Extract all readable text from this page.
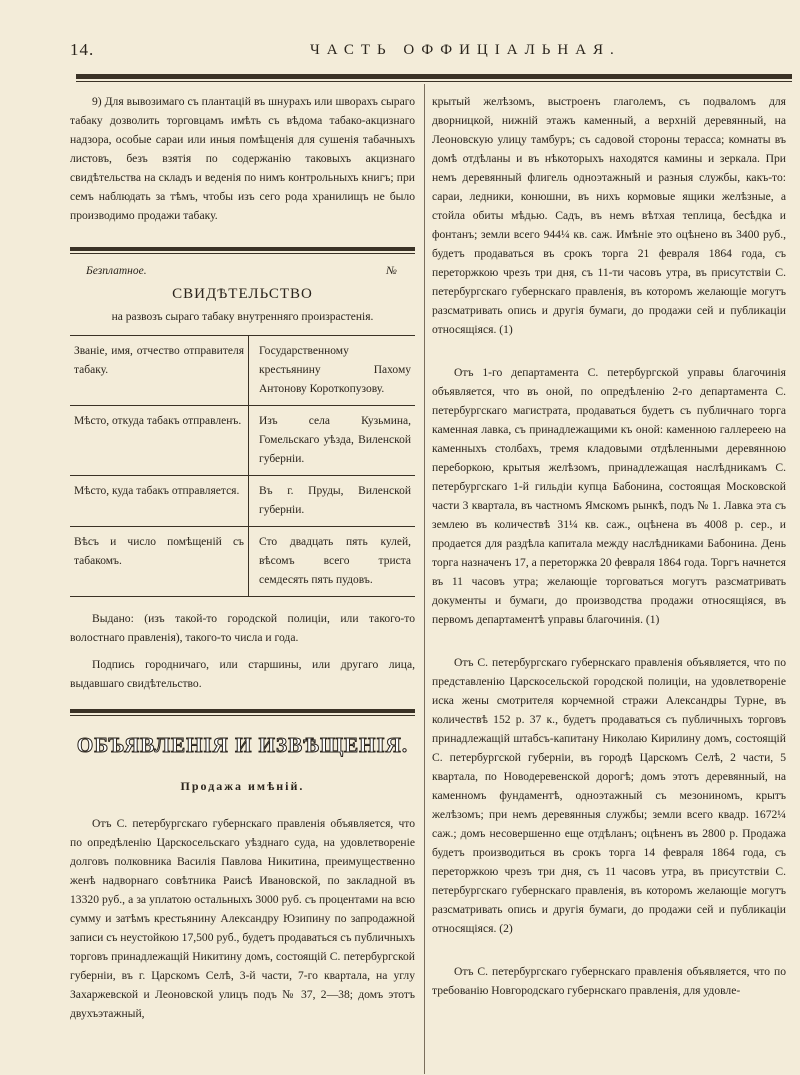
14.	ЧАСТЬ ОФФИЦІАЛЬНАЯ.

9) Для вывозимаго съ плантацій въ шнурахъ или шворахъ сыраго табаку дозволить торговцамъ имѣть съ вѣдома табако-акцизнаго надзора, особые сараи или иныя помѣщенія для сушенія табачныхъ листовъ, безъ взятія по содержанію таковыхъ акцизнаго свидѣтельства на складъ и веденія по нимъ контрольныхъ книгъ; при семъ наблюдать за тѣмъ, чтобы изъ сего рода хранилищъ не было производимо продажи табаку.

Безплатное.	№
СВИДѢТЕЛЬСТВО
на развозъ сыраго табаку внутренняго произрастенія.
Званіе, имя, отчество отправителя табаку.	Государственному крестьянину Пахому Антонову Короткопузову.
Мѣсто, откуда табакъ отправленъ.	Изъ села Кузьмина, Гомельскаго уѣзда, Виленской губерніи.
Мѣсто, куда табакъ отправляется.	Въ г. Пруды, Виленской губерніи.
Вѣсъ и число помѣщеній съ табакомъ.	Сто двадцать пять кулей, вѣсомъ всего триста семдесять пять пудовъ.

Выдано: (изъ такой-то городской полиціи, или такого-то волостнаго правленія), такого-то числа и года.

Подпись городничаго, или старшины, или другаго лица, выдавшаго свидѣтельство.

ОБЪЯВЛЕНІЯ И ИЗВѢЩЕНІЯ.
Продажа имѣній.

Отъ С. петербургскаго губернскаго правленія объявляется, что по опредѣленію Царскосельскаго уѣзднаго суда, на удовлетвореніе долговъ полковника Василія Павлова Никитина, преимущественно женѣ надворнаго совѣтника Раисѣ Ивановской, по закладной въ 13320 руб., а за уплатою остальныхъ 3000 руб. съ процентами на всю сумму и затѣмъ крестьянину Александру Юзипину по запродажной записи съ неустойкою 17,500 руб., будетъ продаваться съ публичныхъ торговъ принадлежащій Никитину домъ, состоящій С. петербургской губерніи, въ г. Царскомъ Селѣ, 3-й части, 7-го квартала, на углу Захаржевской и Леоновской улицъ подъ № 37, 2—38; домъ этотъ двухъэтажный,

крытый желѣзомъ, выстроенъ глаголемъ, съ подваломъ для дворницкой, нижній этажъ каменный, а верхній деревянный, на Леоновскую улицу тамбуръ; съ садовой стороны терасса; комнаты въ домѣ отдѣланы и въ нѣкоторыхъ находятся камины и зеркала. При немъ деревянный флигель одноэтажный и разныя службы, какъ-то: сараи, ледники, конюшни, въ нихъ кормовые ящики желѣзные, а стойла обиты мѣдью. Садъ, въ немъ вѣтхая теплица, бесѣдка и фонтанъ; земли всего 944¼ кв. саж. Имѣніе это оцѣнено въ 3400 руб., будетъ продаваться въ срокъ торга 21 февраля 1864 года, съ переторжкою чрезъ три дня, съ 11-ти часовъ утра, въ присутствіи С. петербургскаго губернскаго правленія, въ которомъ желающіе могутъ разсматривать опись и другія бумаги, до продажи сей и публикаціи относящіяся. (1)

Отъ 1-го департамента С. петербургской управы благочинія объявляется, что въ оной, по опредѣленію 2-го департамента С. петербургскаго магистрата, продаваться будетъ съ публичнаго торга каменная лавка, съ принадлежащими къ оной: каменною галлереею на каменныхъ столбахъ, тремя кладовыми отдѣленными деревянною переборкою, крытыя желѣзомъ, принадлежащая наслѣдникамъ С. петербургскаго 1-й гильдіи купца Бабонина, состоящая Московской части 3 квартала, въ частномъ Ямскомъ рынкѣ, подъ № 1. Лавка эта съ землею въ количествѣ 31¼ кв. саж., оцѣнена въ 4008 р. сер., и продается для раздѣла капитала между наслѣдниками Бабонина. День торга назначенъ 17, а переторжка 20 февраля 1864 года. Торгъ начнется въ 11 часовъ утра; желающіе торговаться могутъ разсматривать документы и бумаги, до производства продажи относящіяся, въ первомъ департаментѣ управы благочинія. (1)

Отъ С. петербургскаго губернскаго правленія объявляется, что по представленію Царскосельской городской полиціи, на удовлетвореніе иска жены смотрителя корчемной стражи Александры Турне, въ количествѣ 152 р. 37 к., будетъ продаваться съ публичныхъ торговъ принадлежащій штабсъ-капитану Николаю Кирилину домъ, состоящій С. петербургской губерніи, въ городѣ Царскомъ Селѣ, 2 части, 5 квартала, по Новодеревенской дорогѣ; домъ этотъ деревянный, на каменномъ фундаментѣ, одноэтажный съ мезониномъ, крытъ желѣзомъ; при немъ деревянныя службы; земли всего квадр. 1672¼ саж.; домъ несовершенно еще отдѣланъ; оцѣненъ въ 2800 р. Продажа будетъ производиться въ срокъ торга 14 февраля 1864 года, съ переторжкою чрезъ три дня, съ 11 часовъ утра, въ присутствіи С. петербургскаго губернскаго правленія, въ которомъ желающіе могутъ разсматривать опись и другія бумаги, до продажи сей и публикаціи относящіяся. (2)

Отъ С. петербургскаго губернскаго правленія объявляется, что по требованію Новгородскаго губернскаго правленія, для удовле-
